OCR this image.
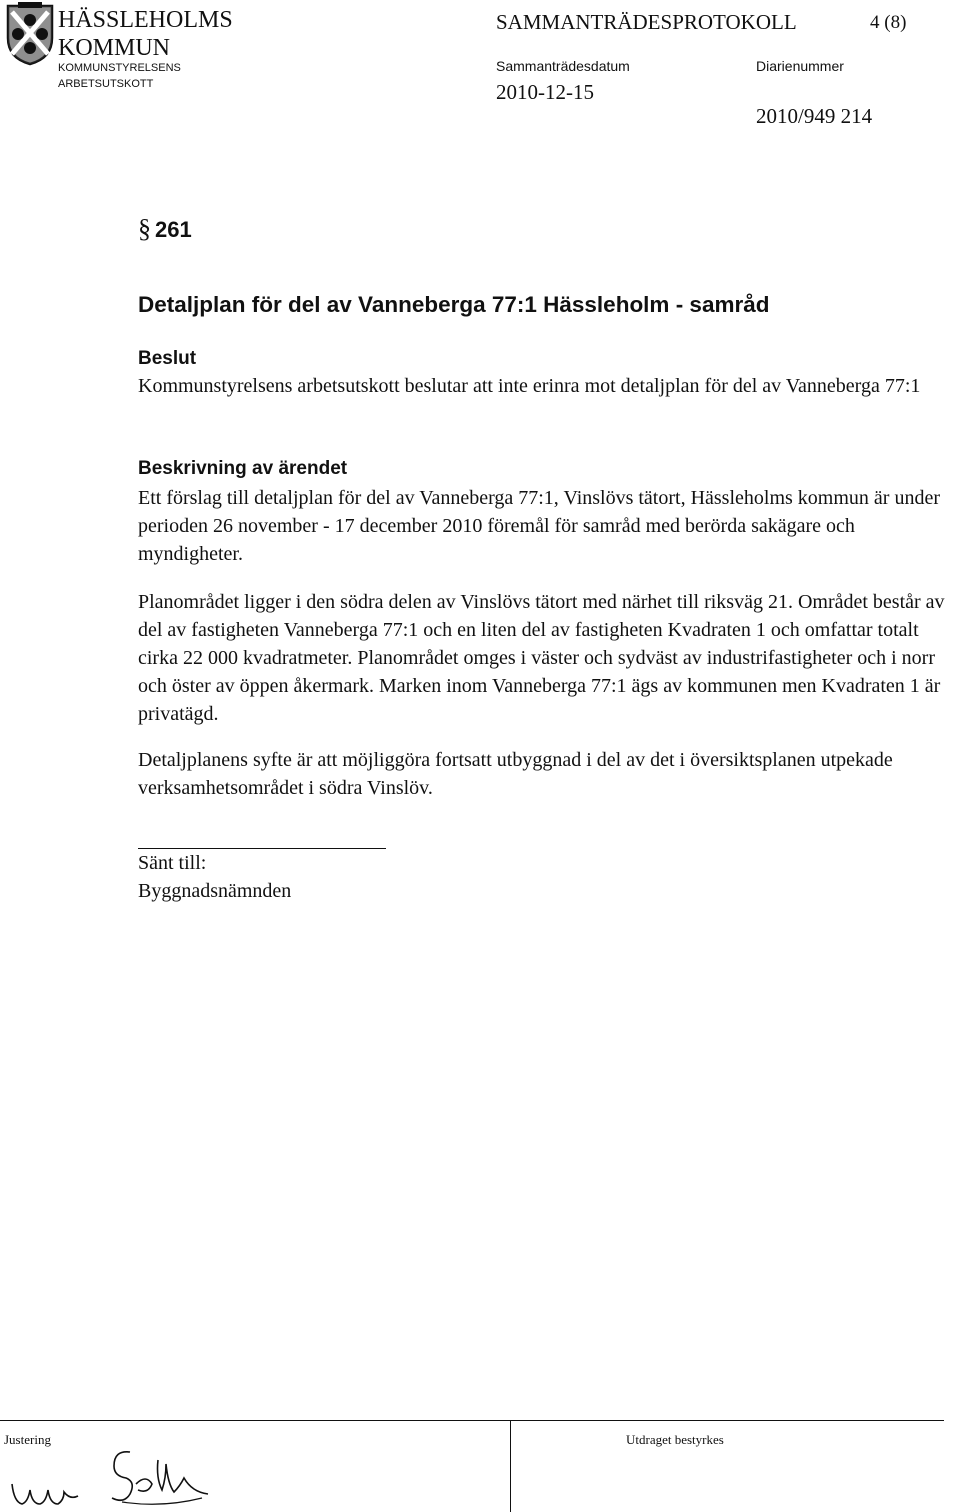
HÄSSLEHOLMS
KOMMUN
KOMMUNSTYRELSENS
ARBETSUTSKOTT
SAMMANTRÄDESPROTOKOLL	4 (8)
Sammanträdesdatum
2010-12-15
Diarienummer
2010/949 214
§ 261
Detaljplan för del av Vanneberga 77:1 Hässleholm - samråd
Beslut
Kommunstyrelsens arbetsutskott beslutar att inte erinra mot detaljplan för del av Vanneberga 77:1
Beskrivning av ärendet
Ett förslag till detaljplan för del av Vanneberga 77:1, Vinslövs tätort, Hässleholms kommun är under perioden 26 november - 17 december 2010 föremål för samråd med berörda sakägare och myndigheter.
Planområdet ligger i den södra delen av Vinslövs tätort med närhet till riksväg 21. Området består av del av fastigheten Vanneberga 77:1 och en liten del av fastigheten Kvadraten 1 och omfattar totalt cirka 22 000 kvadratmeter. Planområdet omges i väster och sydväst av industrifastigheter och i norr och öster av öppen åkermark. Marken inom Vanneberga 77:1 ägs av kommunen men Kvadraten 1 är privatägd.
Detaljplanens syfte är att möjliggöra fortsatt utbyggnad i del av det i översiktsplanen utpekade verksamhetsområdet i södra Vinslöv.
Sänt till:
Byggnadsnämnden
Justering	Utdraget bestyrkes
